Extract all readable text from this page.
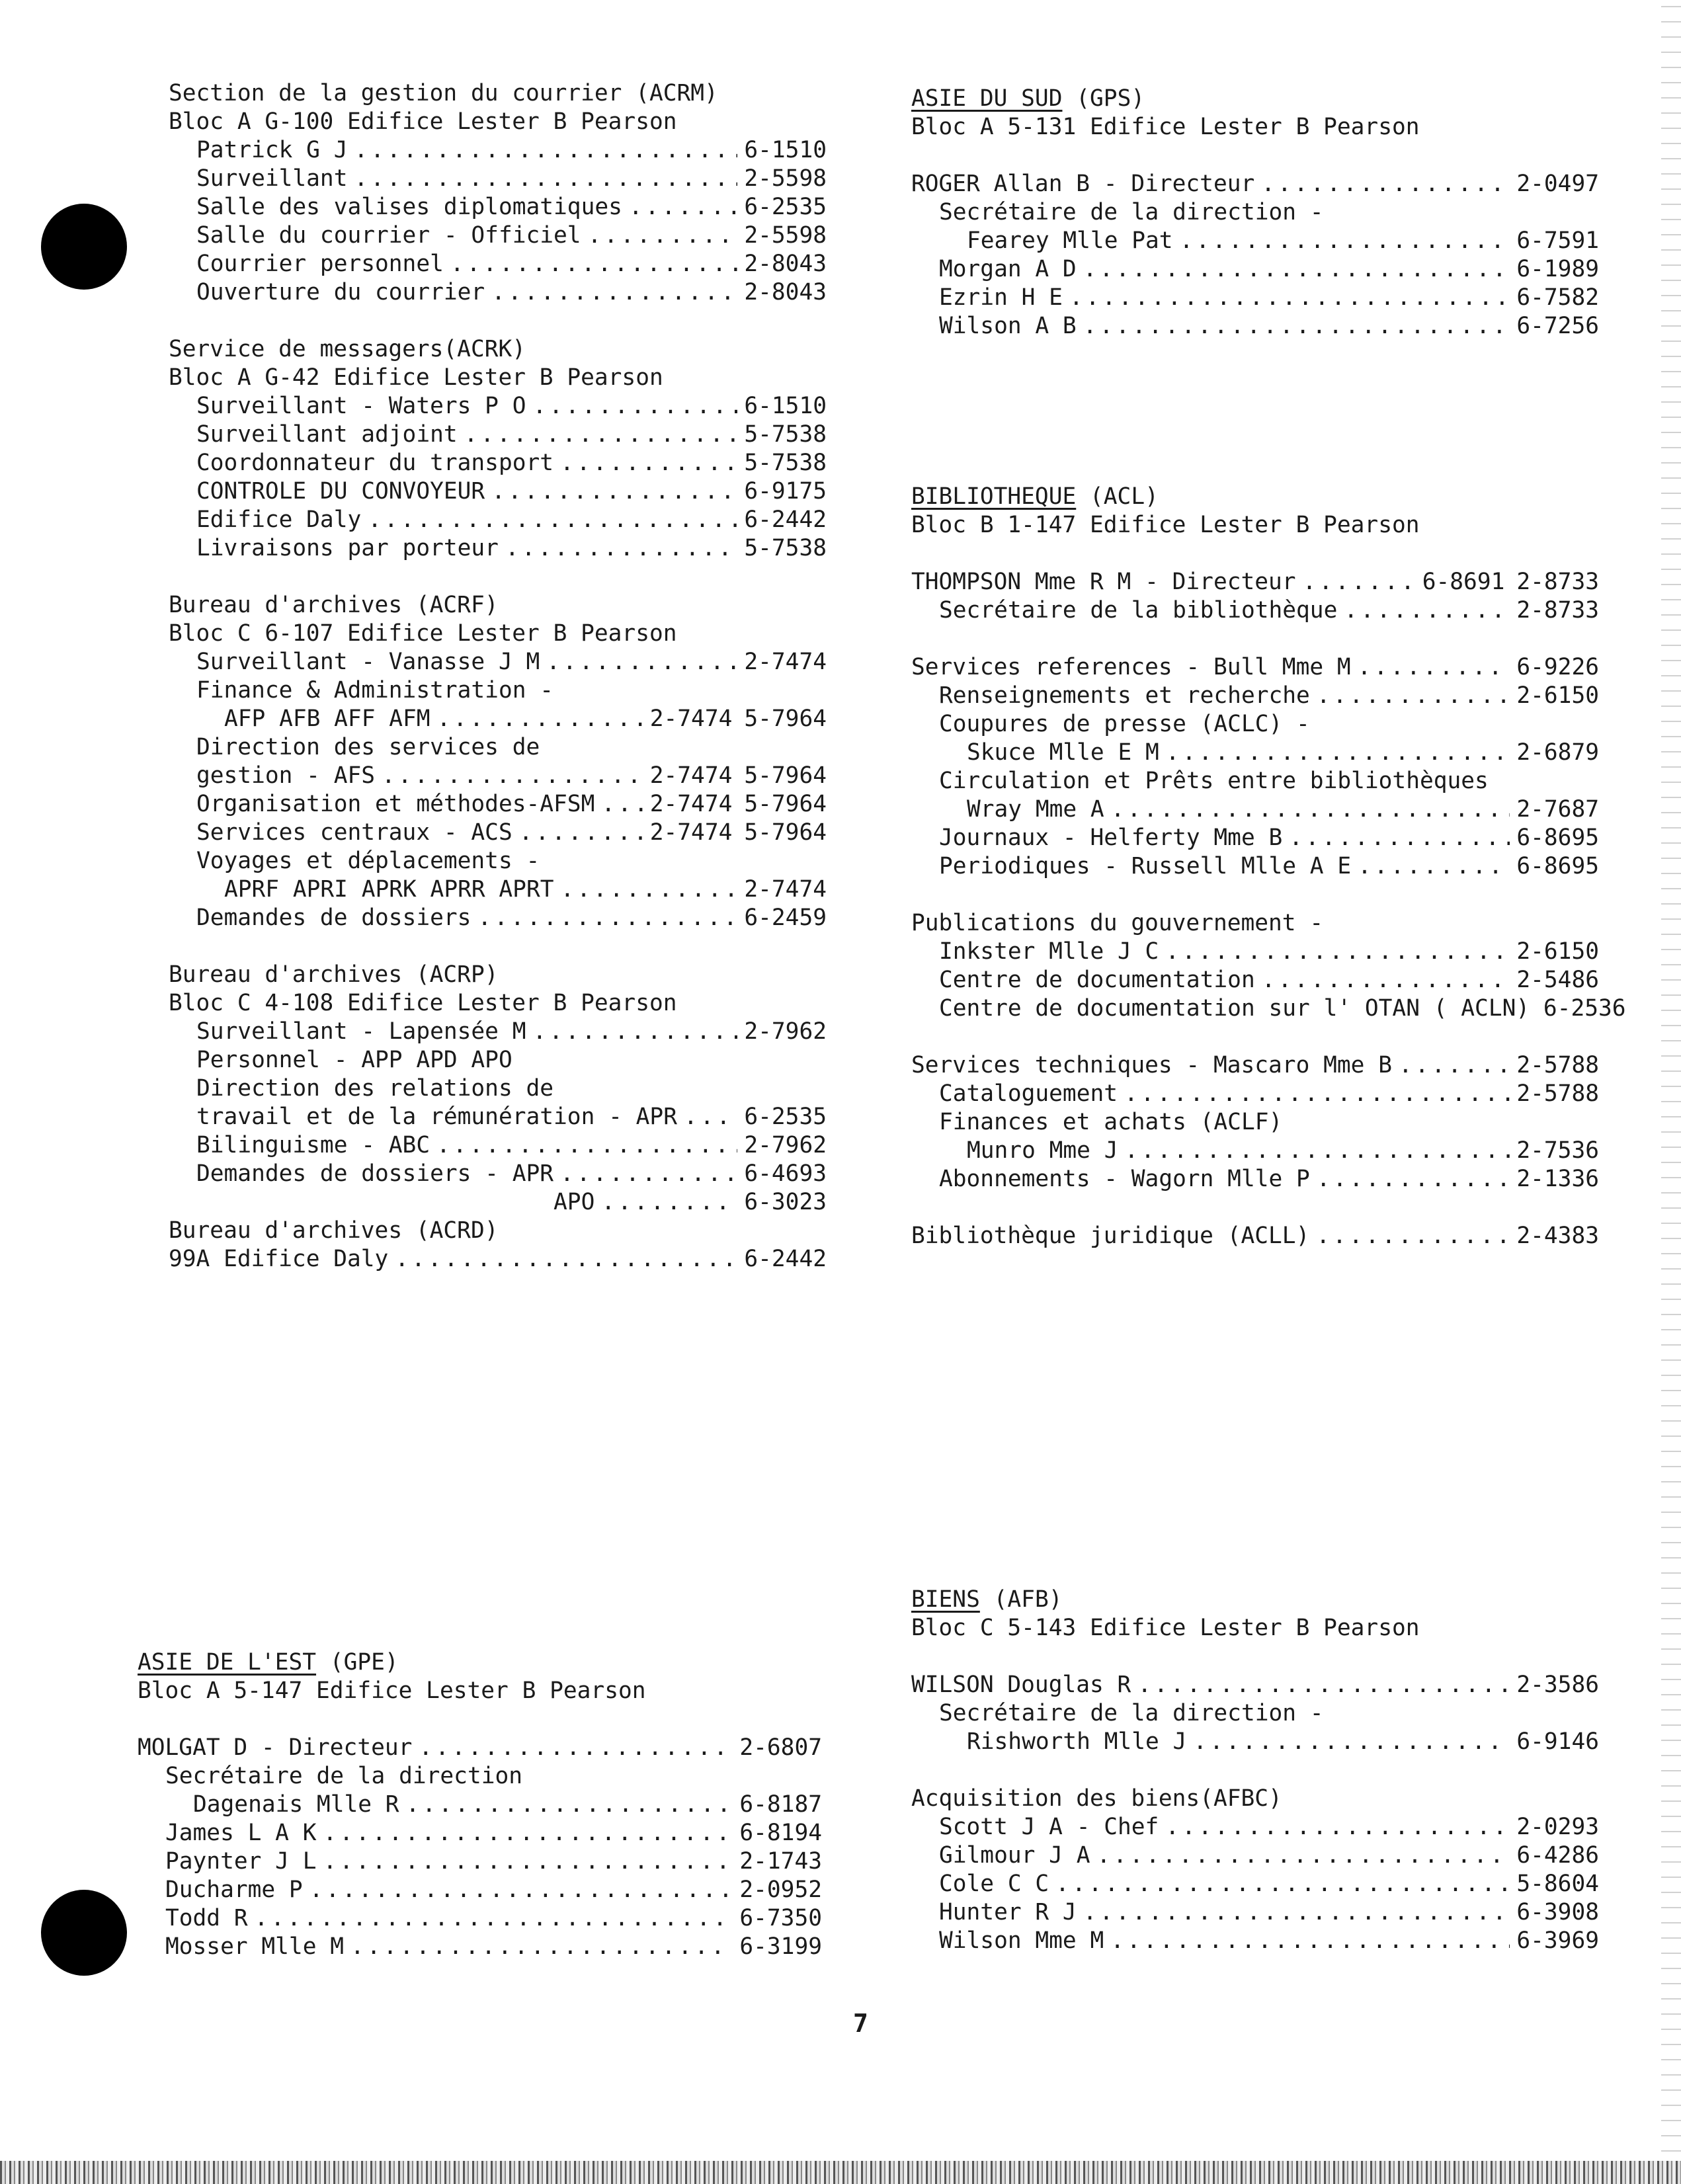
Section de la gestion du courrier (ACRM)
Bloc A G-100 Edifice Lester B Pearson
Patrick G J .....	6-1510
Surveillant .....	2-5598
Salle des valises diplomatiques .....	6-2535
Salle du courrier - Officiel .....	2-5598
Courrier personnel .....	2-8043
Ouverture du courrier .....	2-8043
Service de messagers(ACRK)
Bloc A G-42 Edifice Lester B Pearson
Surveillant - Waters P O .....	6-1510
Surveillant adjoint .....	5-7538
Coordonnateur du transport .....	5-7538
CONTROLE DU CONVOYEUR .....	6-9175
Edifice Daly .....	6-2442
Livraisons par porteur .....	5-7538
Bureau d'archives (ACRF)
Bloc C 6-107 Edifice Lester B Pearson
Surveillant - Vanasse J M .....	2-7474
Finance & Administration -
AFP AFB AFF AFM .....	2-7474 5-7964
Direction des services de
gestion - AFS .....	2-7474 5-7964
Organisation et méthodes-AFSM ..... 2-7474 5-7964
Services centraux - ACS .....	2-7474 5-7964
Voyages et déplacements -
APRF APRI APRK APRR APRT .....	2-7474
Demandes de dossiers .....	6-2459
Bureau d'archives (ACRP)
Bloc C 4-108 Edifice Lester B Pearson
Surveillant - Lapensée M .....	2-7962
Personnel - APP APD APO
Direction des relations de
travail et de la rémunération - APR .....	6-2535
Bilinguisme - ABC .....	2-7962
Demandes de dossiers - APR .....	6-4693
APO .....	6-3023
Bureau d'archives (ACRD)
99A Edifice Daly .....	6-2442
ASIE DU SUD (GPS)
Bloc A 5-131 Edifice Lester B Pearson
ROGER Allan B - Directeur .....	2-0497
Secrétaire de la direction -
Fearey Mlle Pat .....	6-7591
Morgan A D .....	6-1989
Ezrin H E .....	6-7582
Wilson A B .....	6-7256
BIBLIOTHEQUE (ACL)
Bloc B 1-147 Edifice Lester B Pearson
THOMPSON Mme R M - Directeur .....	6-8691 2-8733
Secrétaire de la bibliothèque .....	2-8733
Services references - Bull Mme M .....	6-9226
Renseignements et recherche .....	2-6150
Coupures de presse (ACLC) -
Skuce Mlle E M .....	2-6879
Circulation et Prêts entre bibliothèques
Wray Mme A .....	2-7687
Journaux - Helferty Mme B .....	6-8695
Periodiques - Russell Mlle A E .....	6-8695
Publications du gouvernement -
Inkster Mlle J C .....	2-6150
Centre de documentation .....	2-5486
Centre de documentation sur l' OTAN ( ACLN) 6-2536
Services techniques - Mascaro Mme B .....	2-5788
Catalоguement .....	2-5788
Finances et achats (ACLF)
Munro Mme J .....	2-7536
Abonnements - Wagorn Mlle P .....	2-1336
Bibliothèque juridique (ACLL) .....	2-4383
ASIE DE L'EST (GPE)
Bloc A 5-147 Edifice Lester B Pearson
MOLGAT D - Directeur .....	2-6807
Secrétaire de la direction
Dagenais Mlle R .....	6-8187
James L A K .....	6-8194
Paynter J L .....	2-1743
Ducharme P .....	2-0952
Todd R .....	6-7350
Mosser Mlle M .....	6-3199
BIENS (AFB)
Bloc C 5-143 Edifice Lester B Pearson
WILSON Douglas R .....	2-3586
Secrétaire de la direction -
Rishworth Mlle J .....	6-9146
Acquisition des biens(AFBC)
Scott J A - Chef .....	2-0293
Gilmour J A .....	6-4286
Cole C C .....	5-8604
Hunter R J .....	6-3908
Wilson Mme M .....	6-3969
7
